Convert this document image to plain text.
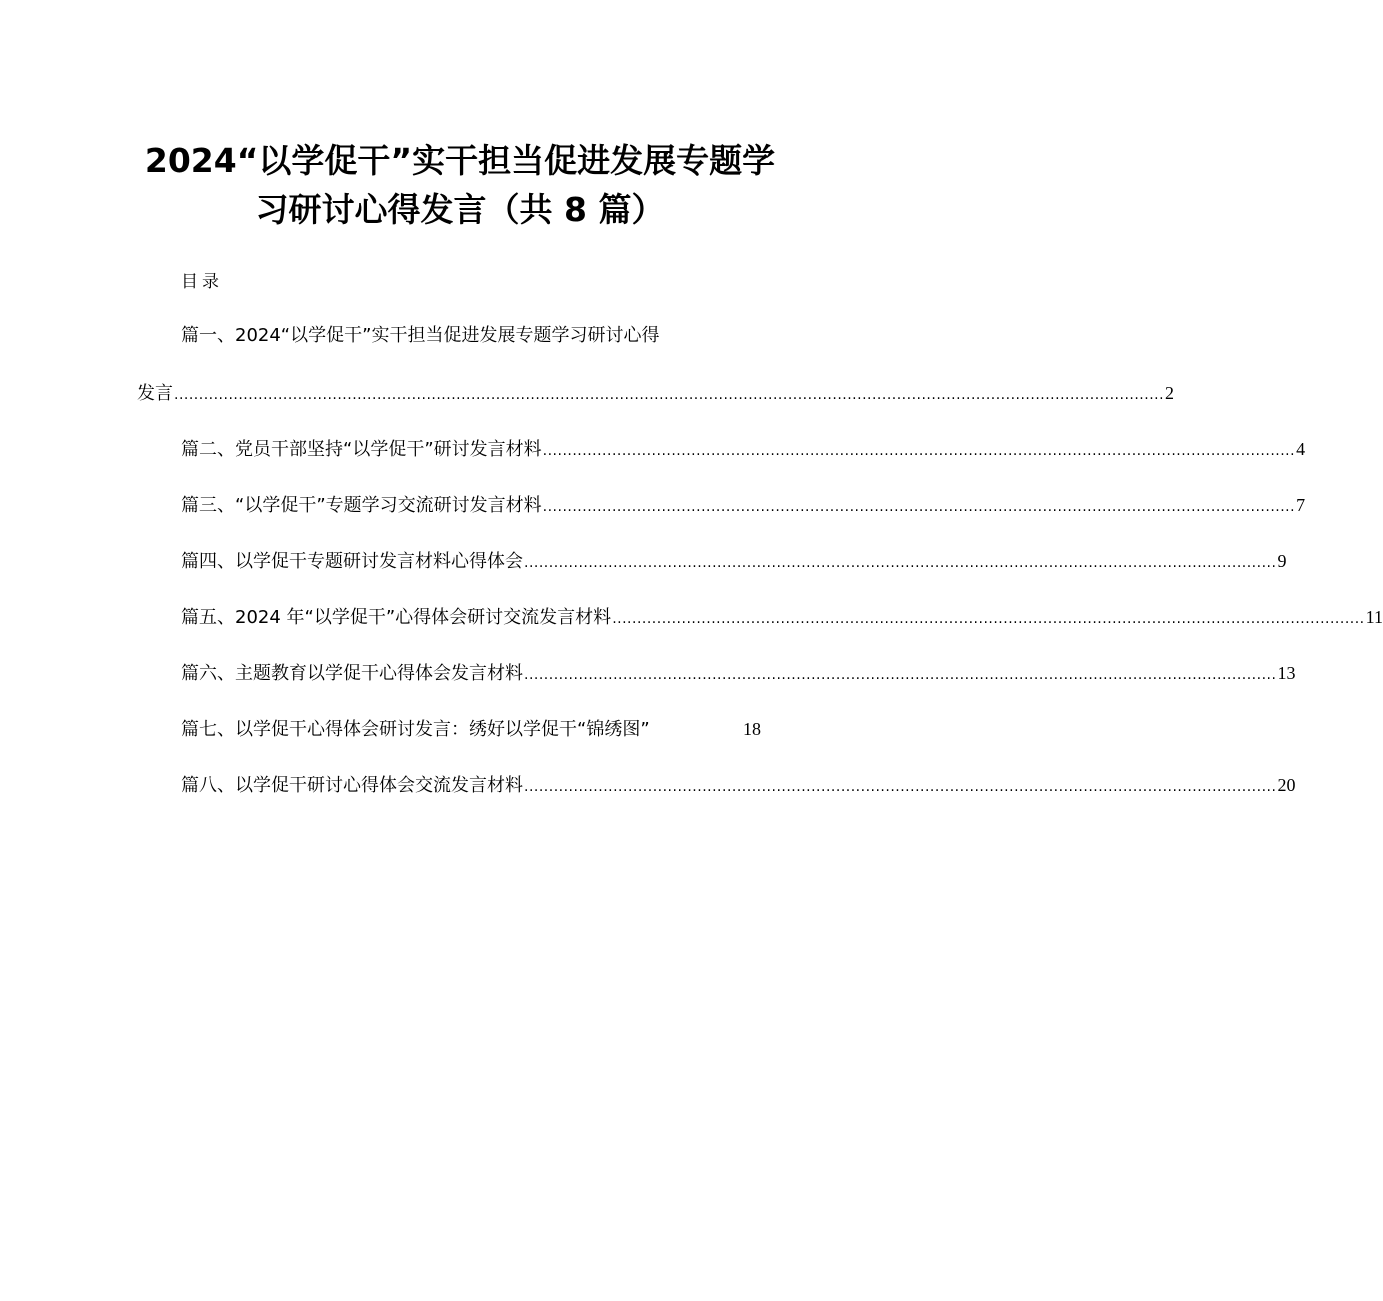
2024“以学促干”实干担当促进发展专题学
习研讨心得发言（共 8 篇）
目录
篇一、2024“以学促干”实干担当促进发展专题学习研讨心得
发言 ........................................................................................................................................................................................................ 2
篇二、党员干部坚持“以学促干”研讨发言材料 ........................................................................................................................................................ 4
篇三、“以学促干”专题学习交流研讨发言材料 ........................................................................................................................................................ 7
篇四、以学促干专题研讨发言材料心得体会 ........................................................................................................................................................ 9
篇五、2024 年“以学促干”心得体会研讨交流发言材料 ........................................................................................................................................................ 11
篇六、主题教育以学促干心得体会发言材料 ........................................................................................................................................................ 13
篇七、以学促干心得体会研讨发言：绣好以学促干“锦绣图”	18
篇八、以学促干研讨心得体会交流发言材料 ........................................................................................................................................................ 20
